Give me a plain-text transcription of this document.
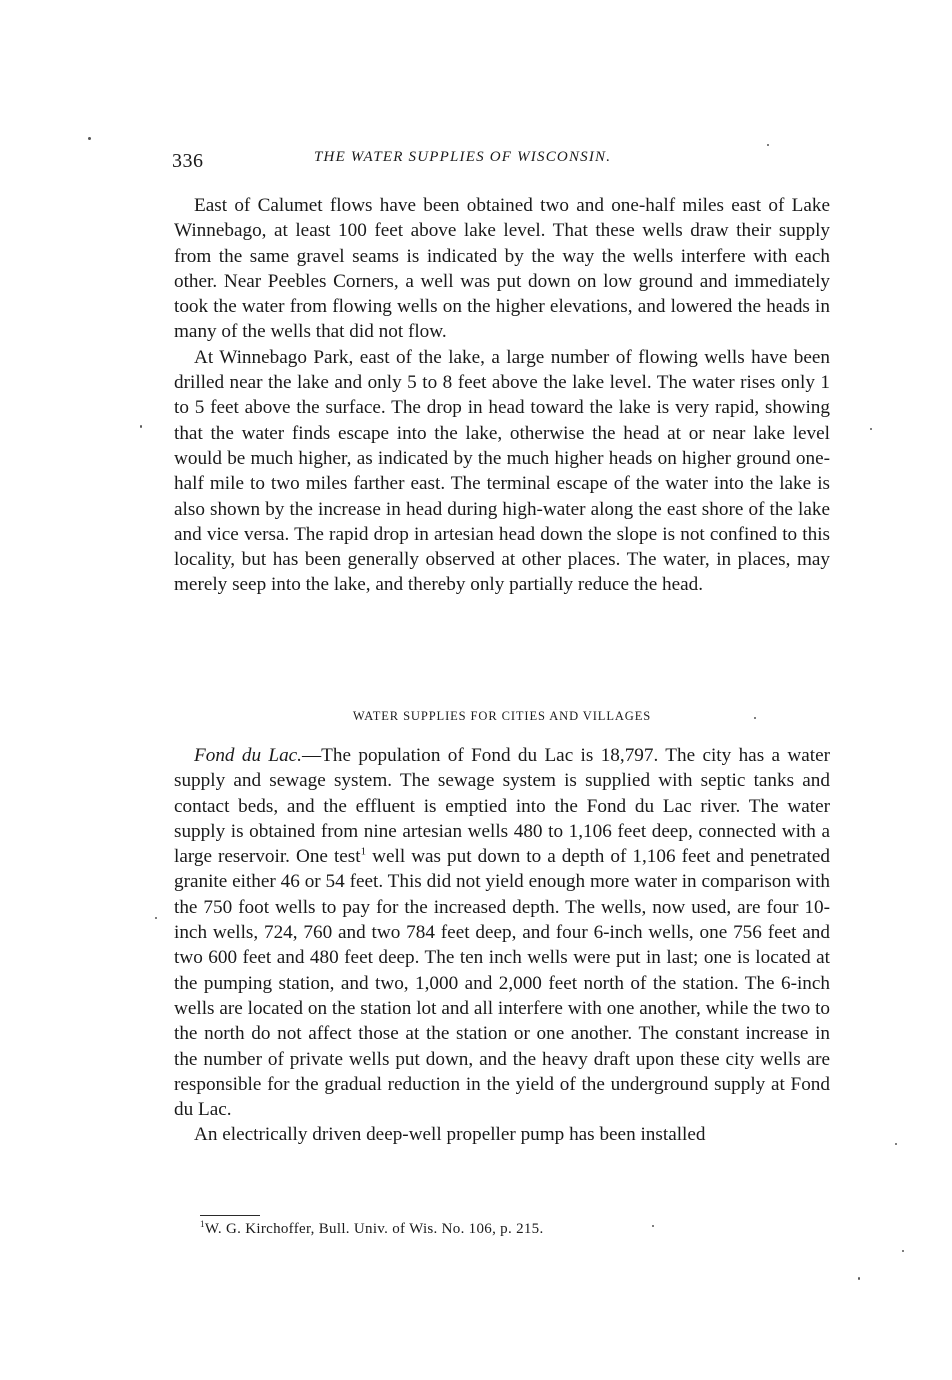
336	THE WATER SUPPLIES OF WISCONSIN.

East of Calumet flows have been obtained two and one-half miles east of Lake Winnebago, at least 100 feet above lake level. That these wells draw their supply from the same gravel seams is indicated by the way the wells interfere with each other. Near Peebles Corners, a well was put down on low ground and immediately took the water from flowing wells on the higher elevations, and lowered the heads in many of the wells that did not flow.

At Winnebago Park, east of the lake, a large number of flowing wells have been drilled near the lake and only 5 to 8 feet above the lake level. The water rises only 1 to 5 feet above the surface. The drop in head toward the lake is very rapid, showing that the water finds escape into the lake, otherwise the head at or near lake level would be much higher, as indicated by the much higher heads on higher ground one-half mile to two miles farther east. The terminal escape of the water into the lake is also shown by the increase in head during high-water along the east shore of the lake and vice versa. The rapid drop in artesian head down the slope is not confined to this locality, but has been generally observed at other places. The water, in places, may merely seep into the lake, and thereby only partially reduce the head.

WATER SUPPLIES FOR CITIES AND VILLAGES

Fond du Lac.—The population of Fond du Lac is 18,797. The city has a water supply and sewage system. The sewage system is supplied with septic tanks and contact beds, and the effluent is emptied into the Fond du Lac river. The water supply is obtained from nine artesian wells 480 to 1,106 feet deep, connected with a large reservoir. One test$^1$ well was put down to a depth of 1,106 feet and penetrated granite either 46 or 54 feet. This did not yield enough more water in comparison with the 750 foot wells to pay for the increased depth. The wells, now used, are four 10-inch wells, 724, 760 and two 784 feet deep, and four 6-inch wells, one 756 feet and two 600 feet and 480 feet deep. The ten inch wells were put in last; one is located at the pumping station, and two, 1,000 and 2,000 feet north of the station. The 6-inch wells are located on the station lot and all interfere with one another, while the two to the north do not affect those at the station or one another. The constant increase in the number of private wells put down, and the heavy draft upon these city wells are responsible for the gradual reduction in the yield of the underground supply at Fond du Lac.

An electrically driven deep-well propeller pump has been installed

$^1$W. G. Kirchoffer, Bull. Univ. of Wis. No. 106, p. 215.
